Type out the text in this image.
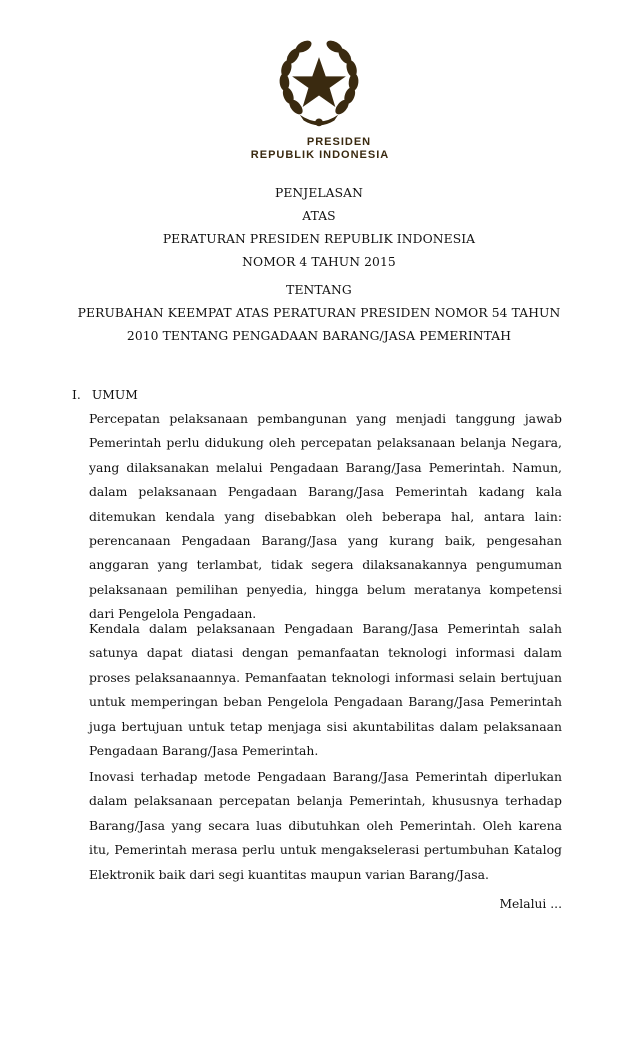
PRESIDEN
REPUBLIK INDONESIA
PENJELASAN
ATAS
PERATURAN PRESIDEN REPUBLIK INDONESIA
NOMOR 4 TAHUN 2015
TENTANG
PERUBAHAN KEEMPAT ATAS PERATURAN PRESIDEN NOMOR 54 TAHUN
2010 TENTANG PENGADAAN BARANG/JASA PEMERINTAH
I. UMUM
Percepatan pelaksanaan pembangunan yang menjadi tanggung jawab Pemerintah perlu didukung oleh percepatan pelaksanaan belanja Negara, yang dilaksanakan melalui Pengadaan Barang/Jasa Pemerintah. Namun, dalam pelaksanaan Pengadaan Barang/Jasa Pemerintah kadang kala ditemukan kendala yang disebabkan oleh beberapa hal, antara lain: perencanaan Pengadaan Barang/Jasa yang kurang baik, pengesahan anggaran yang terlambat, tidak segera dilaksanakannya pengumuman pelaksanaan pemilihan penyedia, hingga belum meratanya kompetensi dari Pengelola Pengadaan.
Kendala dalam pelaksanaan Pengadaan Barang/Jasa Pemerintah salah satunya dapat diatasi dengan pemanfaatan teknologi informasi dalam proses pelaksanaannya. Pemanfaatan teknologi informasi selain bertujuan untuk memperingan beban Pengelola Pengadaan Barang/Jasa Pemerintah juga bertujuan untuk tetap menjaga sisi akuntabilitas dalam pelaksanaan Pengadaan Barang/Jasa Pemerintah.
Inovasi terhadap metode Pengadaan Barang/Jasa Pemerintah diperlukan dalam pelaksanaan percepatan belanja Pemerintah, khususnya terhadap Barang/Jasa yang secara luas dibutuhkan oleh Pemerintah. Oleh karena itu, Pemerintah merasa perlu untuk mengakselerasi pertumbuhan Katalog Elektronik baik dari segi kuantitas maupun varian Barang/Jasa.
Melalui ...
